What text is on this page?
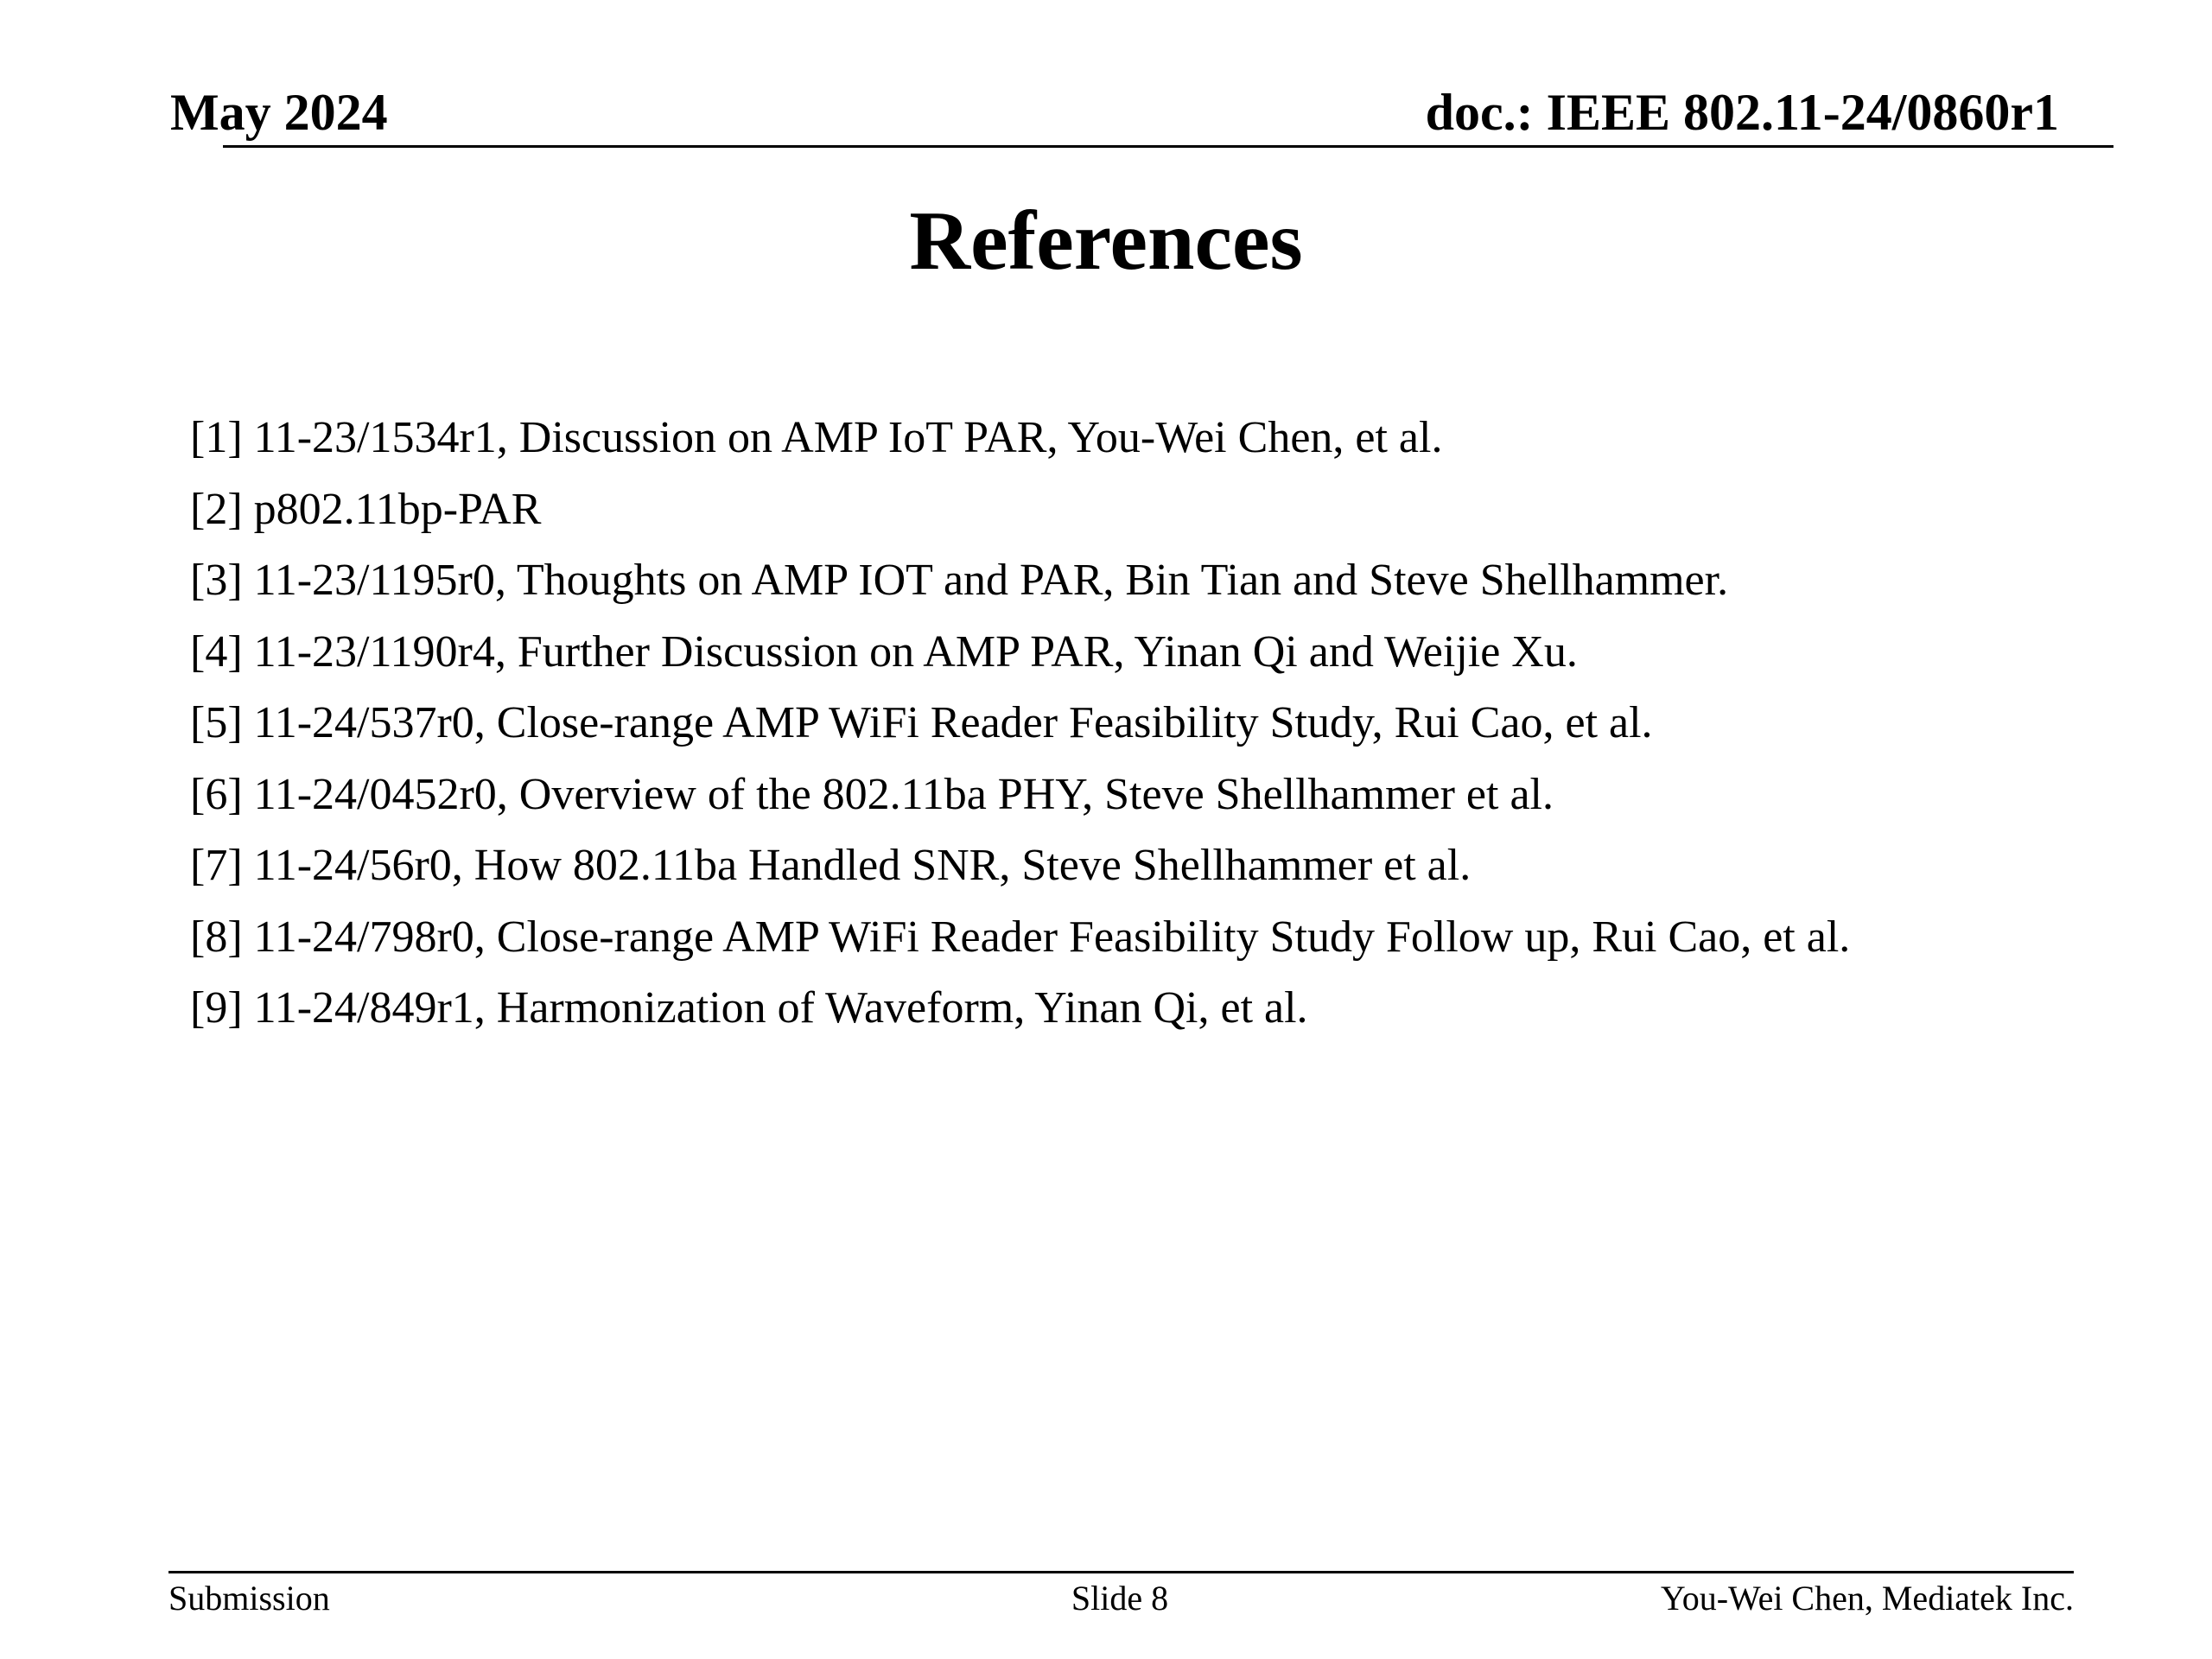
May 2024	doc.: IEEE 802.11-24/0860r1
References
[1] 11-23/1534r1, Discussion on AMP IoT PAR, You-Wei Chen, et al.
[2] p802.11bp-PAR
[3] 11-23/1195r0, Thoughts on AMP IOT and PAR, Bin Tian and Steve Shellhammer.
[4] 11-23/1190r4, Further Discussion on AMP PAR, Yinan Qi and Weijie Xu.
[5] 11-24/537r0, Close-range AMP WiFi Reader Feasibility Study, Rui Cao, et al.
[6] 11-24/0452r0, Overview of the 802.11ba PHY, Steve Shellhammer et al.
[7] 11-24/56r0, How 802.11ba Handled SNR, Steve Shellhammer et al.
[8] 11-24/798r0, Close-range AMP WiFi Reader Feasibility Study Follow up, Rui Cao, et al.
[9] 11-24/849r1, Harmonization of Waveform, Yinan Qi, et al.
Submission	Slide 8	You-Wei Chen, Mediatek Inc.
